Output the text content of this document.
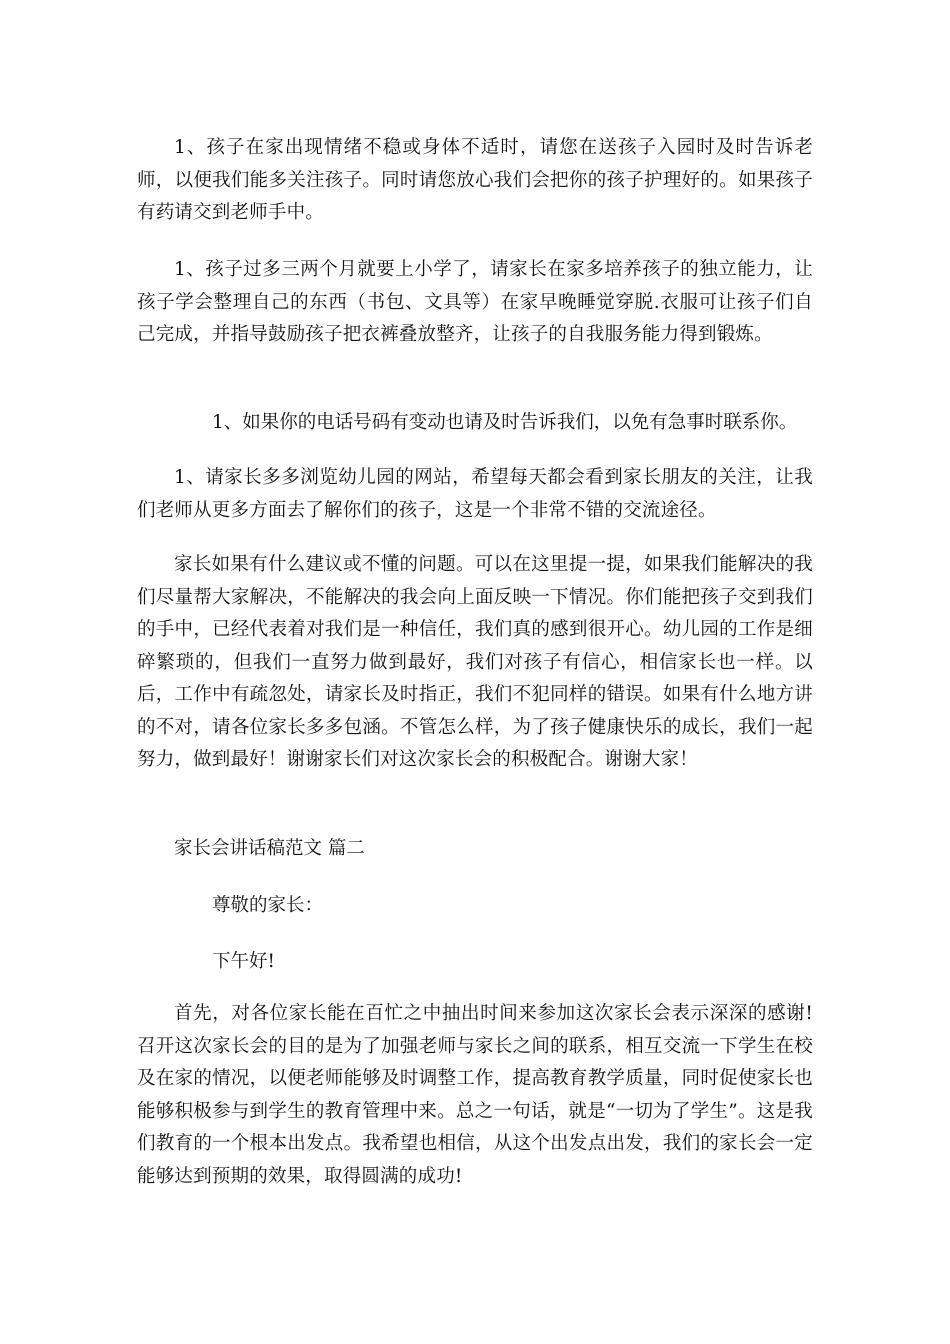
1、孩子在家出现情绪不稳或身体不适时，请您在送孩子入园时及时告诉老师，以便我们能多关注孩子。同时请您放心我们会把你的孩子护理好的。如果孩子有药请交到老师手中。

1、孩子过多三两个月就要上小学了，请家长在家多培养孩子的独立能力，让孩子学会整理自己的东西（书包、文具等）在家早晚睡觉穿脱.衣服可让孩子们自己完成，并指导鼓励孩子把衣裤叠放整齐，让孩子的自我服务能力得到锻炼。

1、如果你的电话号码有变动也请及时告诉我们，以免有急事时联系你。

1、请家长多多浏览幼儿园的网站，希望每天都会看到家长朋友的关注，让我们老师从更多方面去了解你们的孩子，这是一个非常不错的交流途径。

家长如果有什么建议或不懂的问题。可以在这里提一提，如果我们能解决的我们尽量帮大家解决，不能解决的我会向上面反映一下情况。你们能把孩子交到我们的手中，已经代表着对我们是一种信任，我们真的感到很开心。幼儿园的工作是细碎繁琐的，但我们一直努力做到最好，我们对孩子有信心，相信家长也一样。以后，工作中有疏忽处，请家长及时指正，我们不犯同样的错误。如果有什么地方讲的不对，请各位家长多多包涵。不管怎么样，为了孩子健康快乐的成长，我们一起努力，做到最好！谢谢家长们对这次家长会的积极配合。谢谢大家！

家长会讲话稿范文 篇二

尊敬的家长：

下午好!

首先，对各位家长能在百忙之中抽出时间来参加这次家长会表示深深的感谢!召开这次家长会的目的是为了加强老师与家长之间的联系，相互交流一下学生在校及在家的情况，以便老师能够及时调整工作，提高教育教学质量，同时促使家长也能够积极参与到学生的教育管理中来。总之一句话，就是“一切为了学生”。这是我们教育的一个根本出发点。我希望也相信，从这个出发点出发，我们的家长会一定能够达到预期的效果，取得圆满的成功!
